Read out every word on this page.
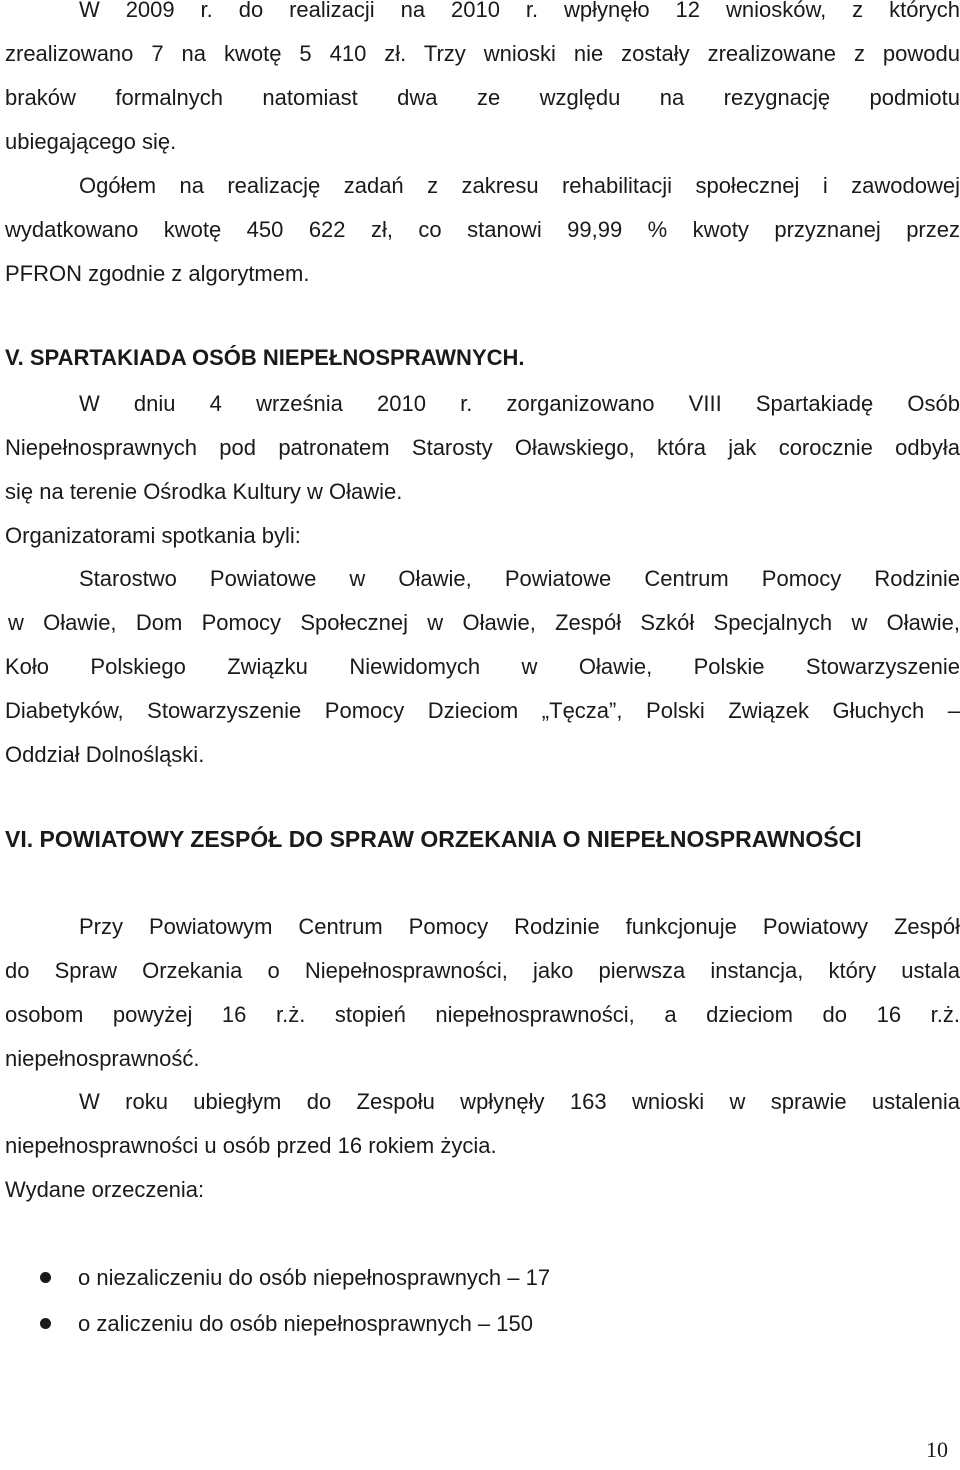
W 2009 r. do realizacji na 2010 r. wpłynęło 12 wniosków, z których
zrealizowano 7 na kwotę 5 410 zł. Trzy wnioski nie zostały zrealizowane z powodu
braków formalnych natomiast dwa ze względu na rezygnację podmiotu
ubiegającego się.
Ogółem na realizację zadań z zakresu rehabilitacji społecznej i zawodowej
wydatkowano kwotę 450 622 zł, co stanowi 99,99 % kwoty przyznanej przez
PFRON zgodnie z algorytmem.
V. SPARTAKIADA OSÓB NIEPEŁNOSPRAWNYCH.
W dniu 4 września 2010 r. zorganizowano VIII Spartakiadę Osób
Niepełnosprawnych pod patronatem Starosty Oławskiego, która jak corocznie odbyła
się na terenie Ośrodka Kultury w Oławie.
Organizatorami spotkania byli:
Starostwo Powiatowe w Oławie, Powiatowe Centrum Pomocy Rodzinie
w Oławie, Dom Pomocy Społecznej w Oławie, Zespół Szkół Specjalnych w Oławie,
Koło Polskiego Związku Niewidomych w Oławie, Polskie Stowarzyszenie
Diabetyków, Stowarzyszenie Pomocy Dzieciom „Tęcza”, Polski Związek Głuchych –
Oddział Dolnośląski.
VI. POWIATOWY ZESPÓŁ DO SPRAW ORZEKANIA O NIEPEŁNOSPRAWNOŚCI
Przy Powiatowym Centrum Pomocy Rodzinie funkcjonuje Powiatowy Zespół
do Spraw Orzekania o Niepełnosprawności, jako pierwsza instancja, który ustala
osobom powyżej 16 r.ż. stopień niepełnosprawności, a dzieciom do 16 r.ż.
niepełnosprawność.
W roku ubiegłym do Zespołu wpłynęły 163 wnioski w sprawie ustalenia
niepełnosprawności u osób przed 16 rokiem życia.
Wydane orzeczenia:
o niezaliczeniu do osób niepełnosprawnych – 17
o zaliczeniu do osób niepełnosprawnych – 150
10
